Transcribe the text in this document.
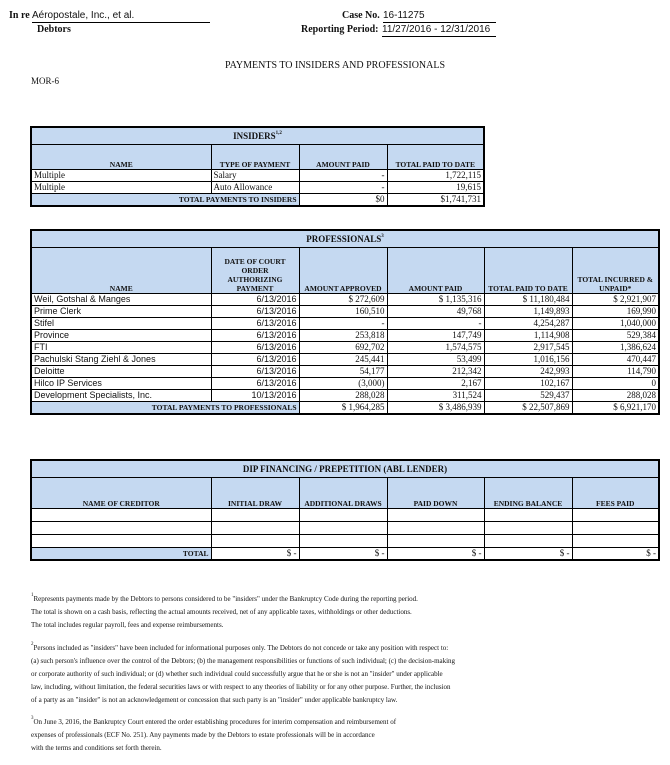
In re Aéropostale, Inc., et al.
Debtors
Case No. 16-11275
Reporting Period: 11/27/2016 - 12/31/2016
PAYMENTS TO INSIDERS AND PROFESSIONALS
MOR-6
INSIDERS$^{1,2}$
NAME	TYPE OF PAYMENT	AMOUNT PAID	TOTAL PAID TO DATE
Multiple	Salary	-	1,722,115
Multiple	Auto Allowance	-	19,615
TOTAL PAYMENTS TO INSIDERS		$0	$1,741,731
PROFESSIONALS$^3$
NAME	DATE OF COURT ORDER AUTHORIZING PAYMENT	AMOUNT APPROVED	AMOUNT PAID	TOTAL PAID TO DATE	TOTAL INCURRED & UNPAID*
Weil, Gotshal & Manges	6/13/2016	$ 272,609	$ 1,135,316	$ 11,180,484	$ 2,921,907
Prime Clerk	6/13/2016	160,510	49,768	1,149,893	169,990
Stifel	6/13/2016	-	-	4,254,287	1,040,000
Province	6/13/2016	253,818	147,749	1,114,908	529,384
FTI	6/13/2016	692,702	1,574,575	2,917,545	1,386,624
Pachulski Stang Ziehl & Jones	6/13/2016	245,441	53,499	1,016,156	470,447
Deloitte	6/13/2016	54,177	212,342	242,993	114,790
Hilco IP Services	6/13/2016	(3,000)	2,167	102,167	0
Development Specialists, Inc.	10/13/2016	288,028	311,524	529,437	288,028
TOTAL PAYMENTS TO PROFESSIONALS		$ 1,964,285	$ 3,486,939	$ 22,507,869	$ 6,921,170
DIP FINANCING / PREPETITION (ABL LENDER)					
NAME OF CREDITOR	INITIAL DRAW	ADDITIONAL DRAWS	PAID DOWN	ENDING BALANCE	FEES PAID

TOTAL	$ -	$ -	$ -	$ -	$ -
$^1$Represents payments made by the Debtors to persons considered to be "insiders" under the Bankruptcy Code during the reporting period.
The total is shown on a cash basis, reflecting the actual amounts received, net of any applicable taxes, withholdings or other deductions.
The total includes regular payroll, fees and expense reimbursements.
$^2$Persons included as "insiders" have been included for informational purposes only. The Debtors do not concede or take any position with respect to:
(a) such person's influence over the control of the Debtors; (b) the management responsibilities or functions of such individual; (c) the decision-making
or corporate authority of such individual; or (d) whether such individual could successfully argue that he or she is not an "insider" under applicable
law, including, without limitation, the federal securities laws or with respect to any theories of liability or for any other purpose. Further, the inclusion
of a party as an "insider" is not an acknowledgement or concession that such party is an "insider" under applicable bankruptcy law.
$^3$On June 3, 2016, the Bankruptcy Court entered the order establishing procedures for interim compensation and reimbursement of
expenses of professionals (ECF No. 251). Any payments made by the Debtors to estate professionals will be in accordance
with the terms and conditions set forth therein.
